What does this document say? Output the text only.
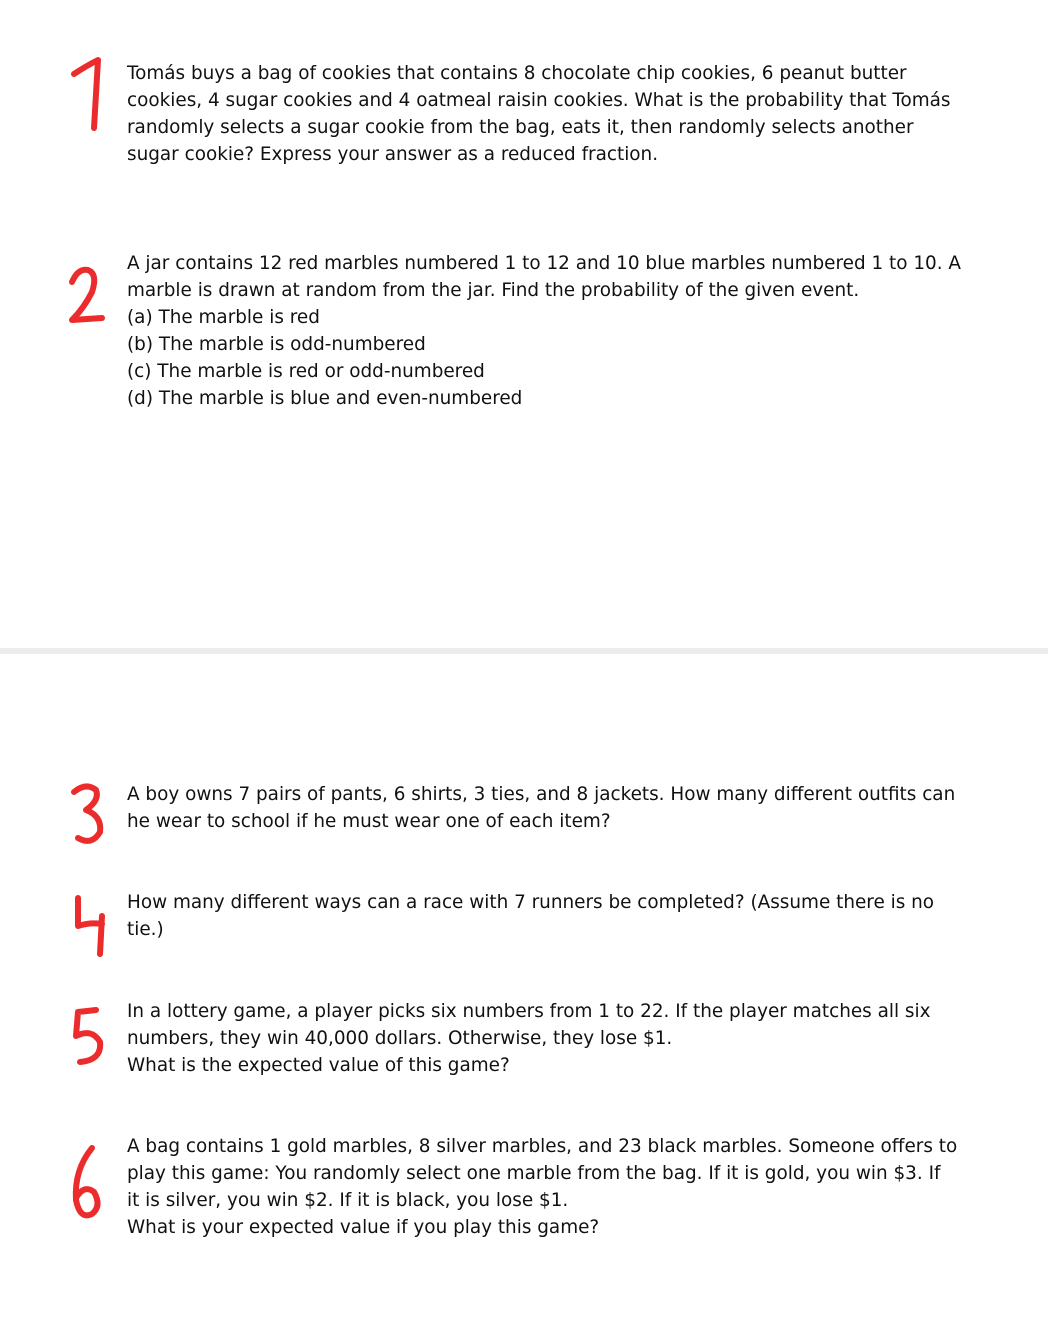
Tomás buys a bag of cookies that contains 8 chocolate chip cookies, 6 peanut butter
cookies, 4 sugar cookies and 4 oatmeal raisin cookies. What is the probability that Tomás
randomly selects a sugar cookie from the bag, eats it, then randomly selects another
sugar cookie? Express your answer as a reduced fraction.
A jar contains 12 red marbles numbered 1 to 12 and 10 blue marbles numbered 1 to 10. A
marble is drawn at random from the jar. Find the probability of the given event.
(a) The marble is red
(b) The marble is odd-numbered
(c) The marble is red or odd-numbered
(d) The marble is blue and even-numbered
A boy owns 7 pairs of pants, 6 shirts, 3 ties, and 8 jackets. How many different outfits can
he wear to school if he must wear one of each item?
How many different ways can a race with 7 runners be completed? (Assume there is no
tie.)
In a lottery game, a player picks six numbers from 1 to 22. If the player matches all six
numbers, they win 40,000 dollars. Otherwise, they lose $1.
What is the expected value of this game?
A bag contains 1 gold marbles, 8 silver marbles, and 23 black marbles. Someone offers to
play this game: You randomly select one marble from the bag. If it is gold, you win $3. If
it is silver, you win $2. If it is black, you lose $1.
What is your expected value if you play this game?
